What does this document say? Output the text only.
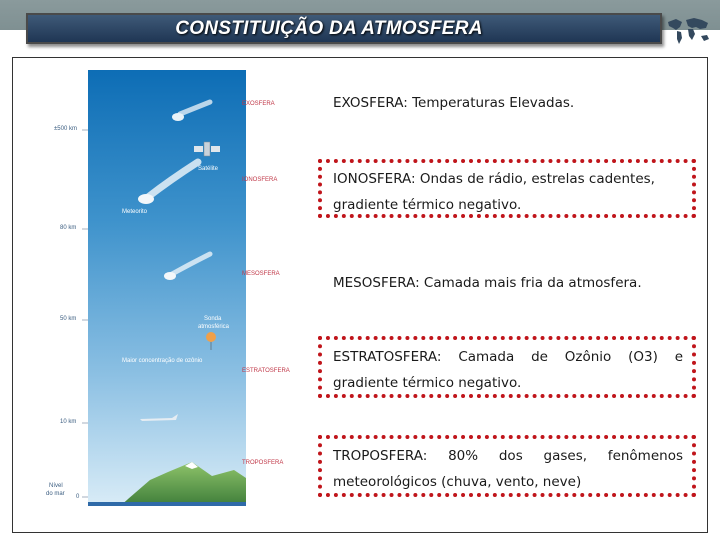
CONSTITUIÇÃO DA ATMOSFERA
±500 km
80 km
50 km
10 km
0
Nível
do mar
EXOSFERA
IONOSFERA
MESOSFERA
ESTRATOSFERA
TROPOSFERA
Satélite
Meteorito
Sonda
atmosférica
Maior concentração de ozônio
EXOSFERA: Temperaturas Elevadas.
IONOSFERA: Ondas de rádio, estrelas cadentes,
gradiente térmico negativo.
MESOSFERA: Camada mais fria da atmosfera.
ESTRATOSFERA: Camada de Ozônio (O3) e
gradiente térmico negativo.
TROPOSFERA: 80% dos gases, fenômenos
meteorológicos (chuva, vento, neve)
